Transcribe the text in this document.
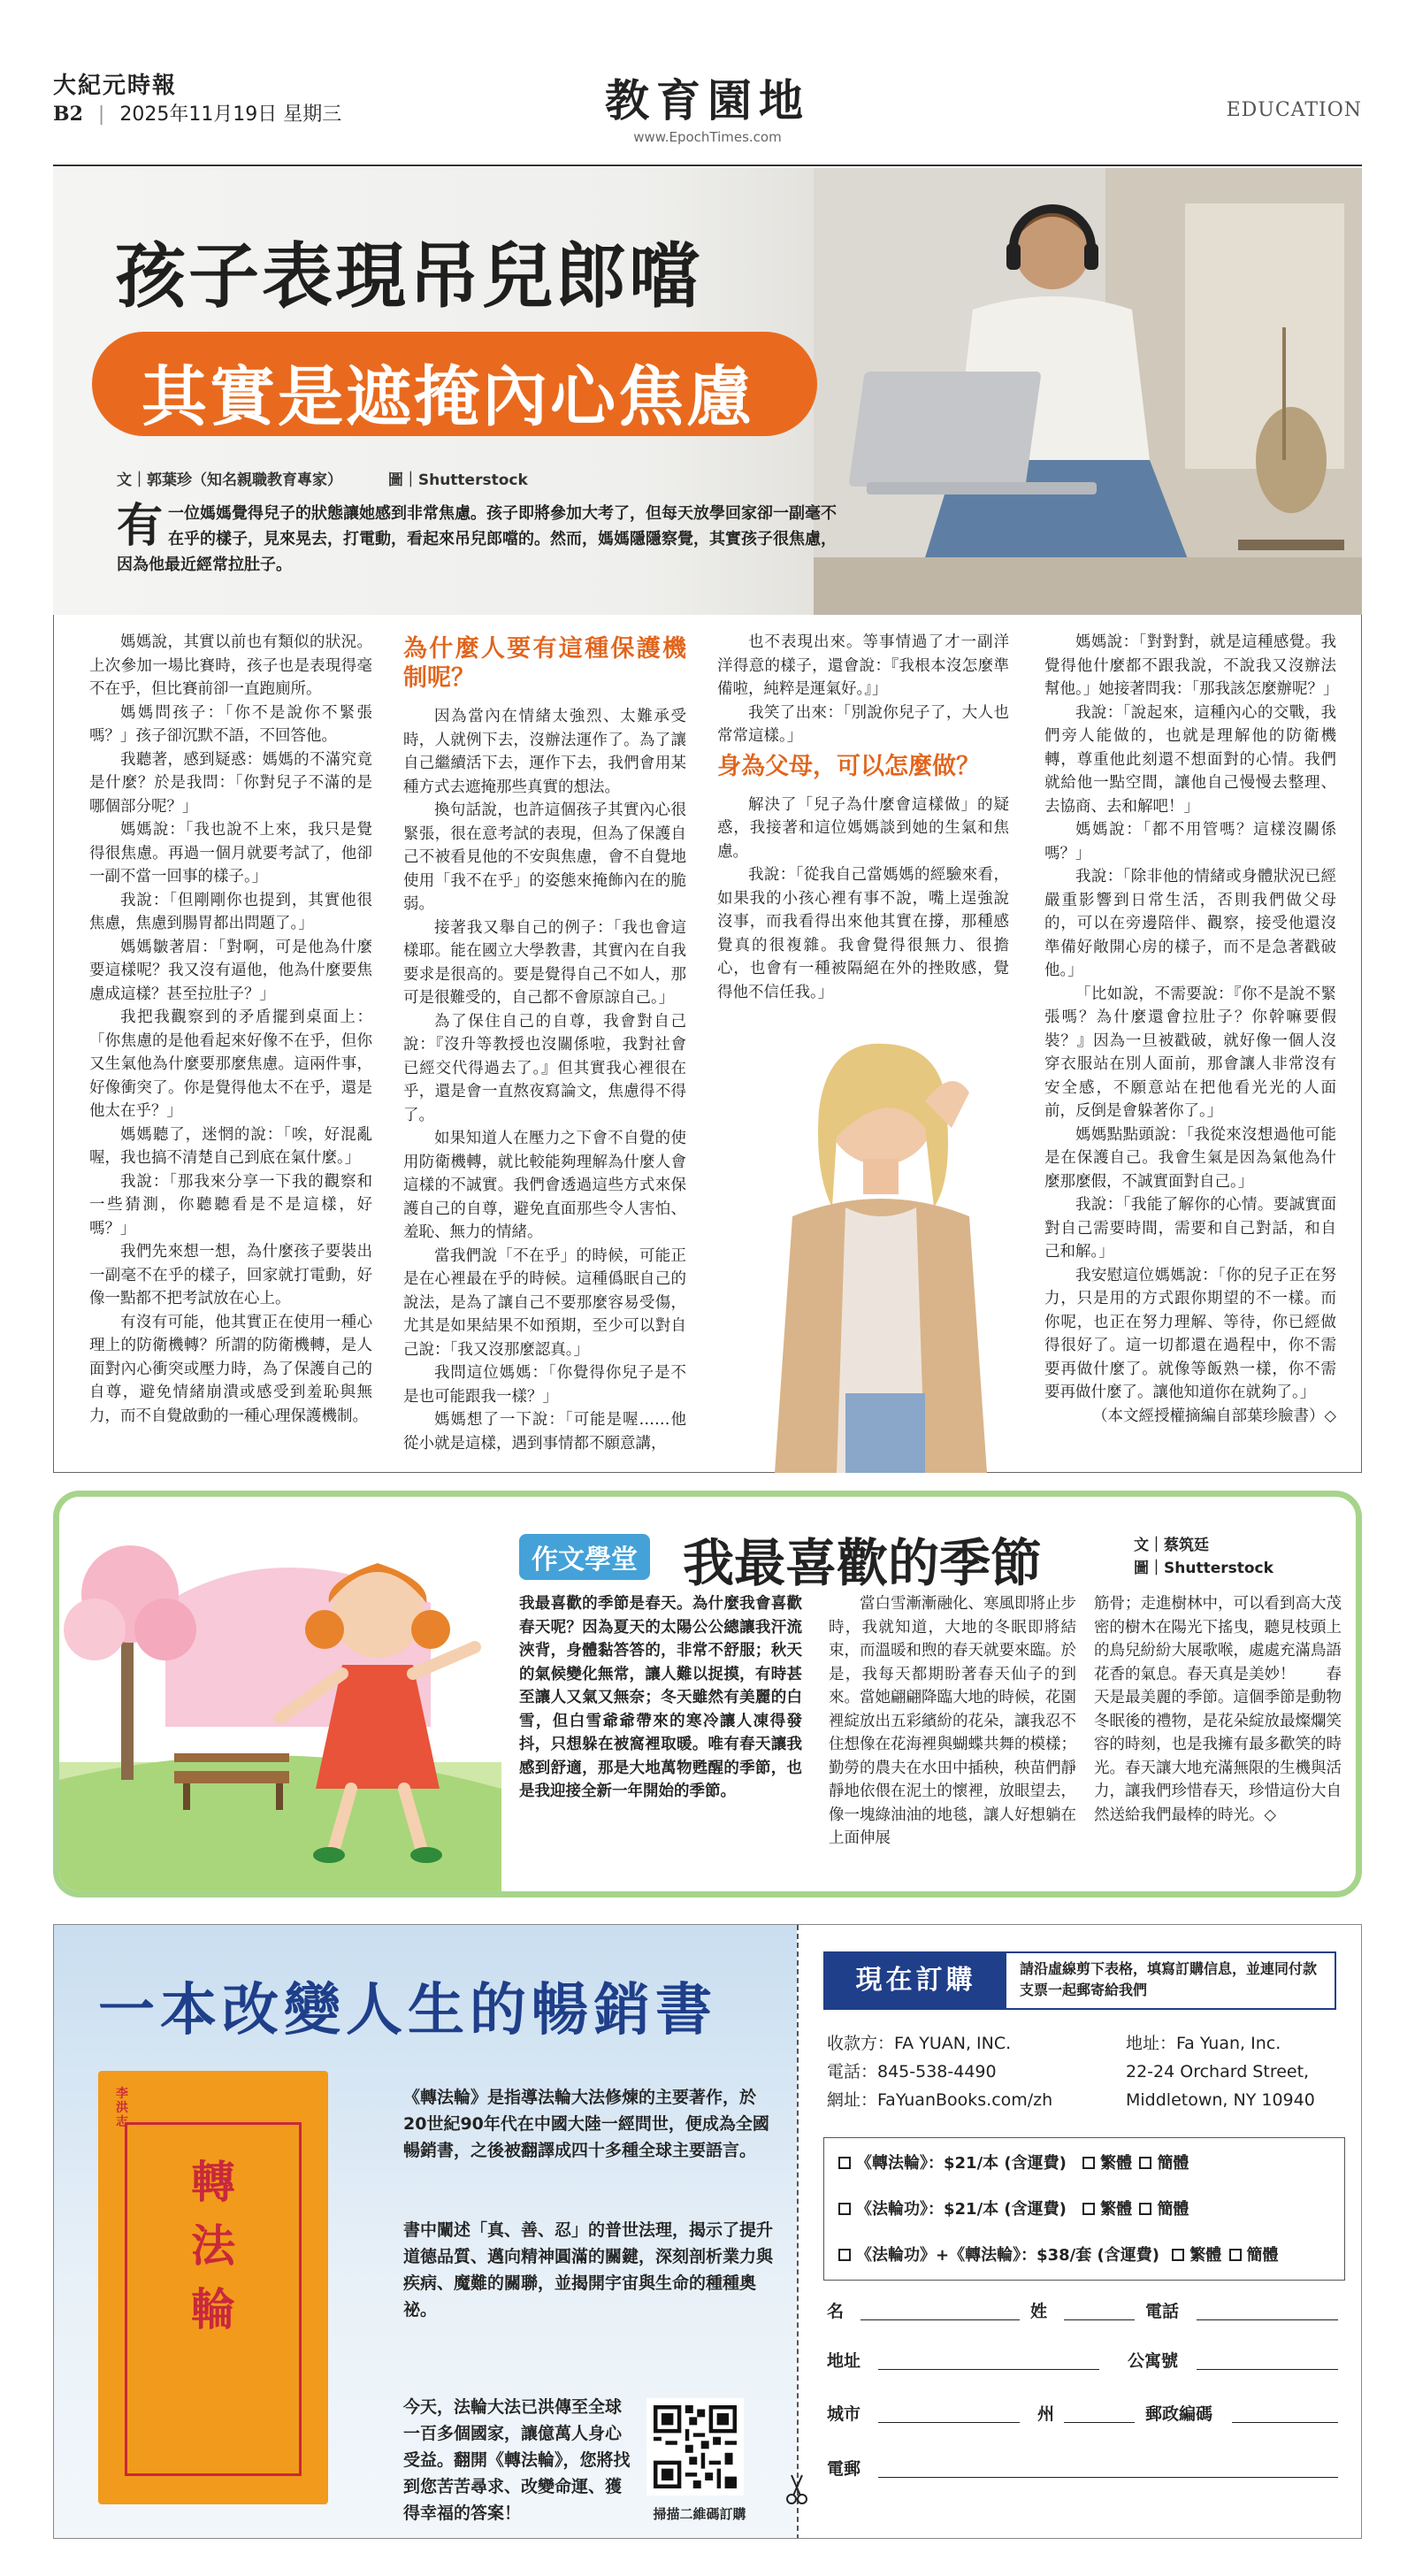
大紀元時報
B2 | 2025年11月19日 星期三	教育園地
www.EpochTimes.com
EDUCATION
孩子表現吊兒郎噹
其實是遮掩內心焦慮
文｜郭葉珍（知名親職教育專家）	圖｜Shutterstock
有一位媽媽覺得兒子的狀態讓她感到非常焦慮。孩子即將參加大考了，但每天放學回家卻一副毫不在乎的樣子，見來晃去，打電動，看起來吊兒郎噹的。然而，媽媽隱隱察覺，其實孩子很焦慮，因為他最近經常拉肚子。

媽媽說，其實以前也有類似的狀況。上次參加一場比賽時，孩子也是表現得毫不在乎，但比賽前卻一直跑廁所。

媽媽問孩子：「你不是說你不緊張嗎？」孩子卻沉默不語，不回答他。

我聽著，感到疑惑：媽媽的不滿究竟是什麼？於是我問：「你對兒子不滿的是哪個部分呢？」

媽媽說：「我也說不上來，我只是覺得很焦慮。再過一個月就要考試了，他卻一副不當一回事的樣子。」

我說：「但剛剛你也提到，其實他很焦慮，焦慮到腸胃都出問題了。」

媽媽皺著眉：「對啊，可是他為什麼要這樣呢？我又沒有逼他，他為什麼要焦慮成這樣？甚至拉肚子？」

我把我觀察到的矛盾擺到桌面上：「你焦慮的是他看起來好像不在乎，但你又生氣他為什麼要那麼焦慮。這兩件事，好像衝突了。你是覺得他太不在乎，還是他太在乎？」

媽媽聽了，迷惘的說：「唉，好混亂喔，我也搞不清楚自己到底在氣什麼。」

我說：「那我來分享一下我的觀察和一些猜測，你聽聽看是不是這樣，好嗎？」

我們先來想一想，為什麼孩子要裝出一副毫不在乎的樣子，回家就打電動，好像一點都不把考試放在心上。

有沒有可能，他其實正在使用一種心理上的防衛機轉？所謂的防衛機轉，是人面對內心衝突或壓力時，為了保護自己的自尊，避免情緒崩潰或感受到羞恥與無力，而不自覺啟動的一種心理保護機制。

為什麼人要有這種保護機制呢？

因為當內在情緒太強烈、太難承受時，人就例下去，沒辦法運作了。為了讓自己繼續活下去，運作下去，我們會用某種方式去遮掩那些真實的想法。

換句話說，也許這個孩子其實內心很緊張，很在意考試的表現，但為了保護自己不被看見他的不安與焦慮，會不自覺地使用「我不在乎」的姿態來掩飾內在的脆弱。

接著我又舉自己的例子：「我也會這樣耶。能在國立大學教書，其實內在自我要求是很高的。要是覺得自己不如人，那可是很難受的，自己都不會原諒自己。」

為了保住自己的自尊，我會對自己說：『沒升等教授也沒關係啦，我對社會已經交代得過去了。』但其實我心裡很在乎，還是會一直熬夜寫論文，焦慮得不得了。

如果知道人在壓力之下會不自覺的使用防衛機轉，就比較能夠理解為什麼人會這樣的不誠實。我們會透過這些方式來保護自己的自尊，避免直面那些令人害怕、羞恥、無力的情緒。

當我們說「不在乎」的時候，可能正是在心裡最在乎的時候。這種僞眠自己的說法，是為了讓自己不要那麼容易受傷，尤其是如果結果不如預期，至少可以對自己說：「我又沒那麼認真。」

我問這位媽媽：「你覺得你兒子是不是也可能跟我一樣？」

媽媽想了一下說：「可能是喔……他從小就是這樣，遇到事情都不願意講，

也不表現出來。等事情過了才一副洋洋得意的樣子，還會說：『我根本沒怎麼準備啦，純粹是運氣好。』」

我笑了出來：「別說你兒子了，大人也常常這樣。」

身為父母，可以怎麼做？

解決了「兒子為什麼會這樣做」的疑惑，我接著和這位媽媽談到她的生氣和焦慮。

我說：「從我自己當媽媽的經驗來看，如果我的小孩心裡有事不說，嘴上逞強說沒事，而我看得出來他其實在撐，那種感覺真的很複雜。我會覺得很無力、很擔心，也會有一種被隔絕在外的挫敗感，覺得他不信任我。」

媽媽說：「對對對，就是這種感覺。我覺得他什麼都不跟我說，不說我又沒辦法幫他。」她接著問我：「那我該怎麼辦呢？」

我說：「說起來，這種內心的交戰，我們旁人能做的，也就是理解他的防衛機轉，尊重他此刻還不想面對的心情。我們就給他一點空間，讓他自己慢慢去整理、去協商、去和解吧！」

媽媽說：「都不用管嗎？這樣沒關係嗎？」

我說：「除非他的情緒或身體狀況已經嚴重影響到日常生活，否則我們做父母的，可以在旁邊陪伴、觀察，接受他還沒準備好敞開心房的樣子，而不是急著戳破他。」

「比如說，不需要說：『你不是說不緊張嗎？為什麼還會拉肚子？你幹嘛要假裝？』因為一旦被戳破，就好像一個人沒穿衣服站在別人面前，那會讓人非常沒有安全感，不願意站在把他看光光的人面前，反倒是會躲著你了。」

媽媽點點頭說：「我從來沒想過他可能是在保護自己。我會生氣是因為氣他為什麼那麼假，不誠實面對自己。」

我說：「我能了解你的心情。要誠實面對自己需要時間，需要和自己對話，和自己和解。」

我安慰這位媽媽說：「你的兒子正在努力，只是用的方式跟你期望的不一樣。而你呢，也正在努力理解、等待，你已經做得很好了。這一切都還在過程中，你不需要再做什麼了。就像等飯熟一樣，你不需要再做什麼了。讓他知道你在就夠了。」

（本文經授權摘編自部葉珍臉書）◇

作文學堂 我最喜歡的季節	文｜蔡筑廷
圖｜Shutterstock
我最喜歡的季節是春天。為什麼我會喜歡春天呢？因為夏天的太陽公公總讓我汗流浹背，身體黏答答的，非常不舒服；秋天的氣候變化無常，讓人難以捉摸，有時甚至讓人又氣又無奈；冬天雖然有美麗的白雪，但白雪爺爺帶來的寒冷讓人凍得發抖，只想躲在被窩裡取暖。唯有春天讓我感到舒適，那是大地萬物甦醒的季節，也是我迎接全新一年開始的季節。
當白雪漸漸融化、寒風即將止步時，我就知道，大地的冬眠即將結束，而溫暖和煦的春天就要來臨。於是，我每天都期盼著春天仙子的到來。當她翩翩降臨大地的時候，花園裡綻放出五彩繽紛的花朵，讓我忍不住想像在花海裡與蝴蝶共舞的模樣；勤勞的農夫在水田中插秧，秧苗們靜靜地依偎在泥土的懷裡，放眼望去，像一塊綠油油的地毯，讓人好想躺在上面伸展
筋骨；走進樹林中，可以看到高大茂密的樹木在陽光下搖曳，聽見枝頭上的鳥兒紛紛大展歌喉，處處充滿鳥語花香的氣息。春天真是美妙！　　春天是最美麗的季節。這個季節是動物冬眠後的禮物，是花朵綻放最燦爛笑容的時刻，也是我擁有最多歡笑的時光。春天讓大地充滿無限的生機與活力，讓我們珍惜春天，珍惜這份大自然送給我們最棒的時光。◇
一本改變人生的暢銷書
李洪志
轉法輪
《轉法輪》是指導法輪大法修煉的主要著作，於20世紀90年代在中國大陸一經問世，便成為全國暢銷書，之後被翻譯成四十多種全球主要語言。
書中闡述「真、善、忍」的普世法理，揭示了提升道德品質、邁向精神圓滿的關鍵，深刻剖析業力與疾病、魔難的關聯，並揭開宇宙與生命的種種奧祕。
今天，法輪大法已洪傳至全球一百多個國家，讓億萬人身心受益。翻開《轉法輪》，您將找到您苦苦尋求、改變命運、獲得幸福的答案！	掃描二維碼訂購
現在訂購	請沿虛線剪下表格，填寫訂購信息，並連同付款支票一起郵寄給我們
收款方：FA YUAN, INC.
電話：845-538-4490
網址：FaYuanBooks.com/zh
地址：Fa Yuan, Inc.
22-24 Orchard Street,
Middletown, NY 10940
《轉法輪》：$21/本 (含運費) 繁體 簡體
《法輪功》：$21/本 (含運費) 繁體 簡體
《法輪功》+《轉法輪》：$38/套 (含運費) 繁體 簡體
名	姓	電話
地址	公寓號
城市	州	郵政編碼
電郵
